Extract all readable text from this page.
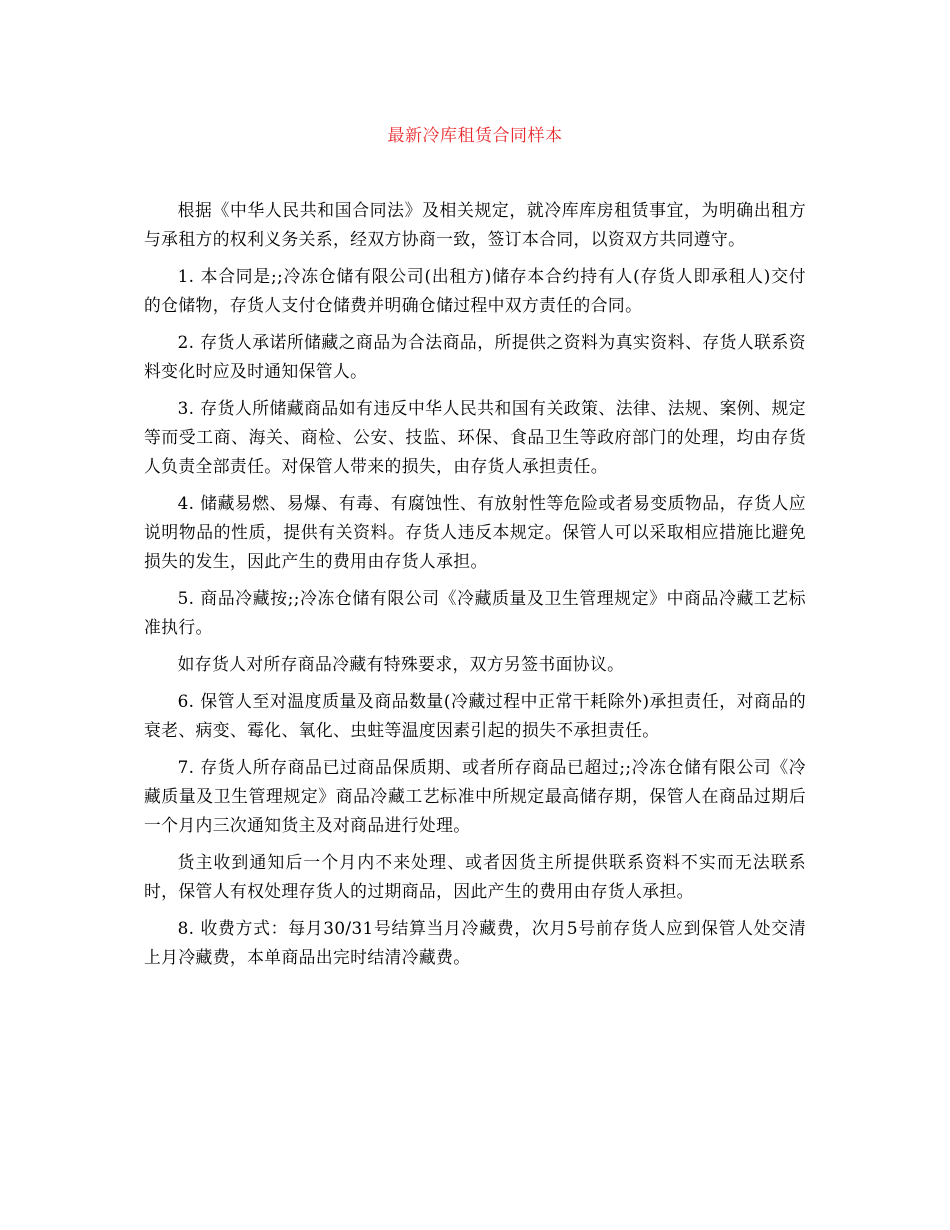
最新冷库租赁合同样本

根据《中华人民共和国合同法》及相关规定，就冷库库房租赁事宜，为明确出租方与承租方的权利义务关系，经双方协商一致，签订本合同，以资双方共同遵守。

1. 本合同是;;冷冻仓储有限公司(出租方)储存本合约持有人(存货人即承租人)交付的仓储物，存货人支付仓储费并明确仓储过程中双方责任的合同。

2. 存货人承诺所储藏之商品为合法商品，所提供之资料为真实资料、存货人联系资料变化时应及时通知保管人。

3. 存货人所储藏商品如有违反中华人民共和国有关政策、法律、法规、案例、规定等而受工商、海关、商检、公安、技监、环保、食品卫生等政府部门的处理，均由存货人负责全部责任。对保管人带来的损失，由存货人承担责任。

4. 储藏易燃、易爆、有毒、有腐蚀性、有放射性等危险或者易变质物品，存货人应说明物品的性质，提供有关资料。存货人违反本规定。保管人可以采取相应措施比避免损失的发生，因此产生的费用由存货人承担。

5. 商品冷藏按;;冷冻仓储有限公司《冷藏质量及卫生管理规定》中商品冷藏工艺标准执行。

如存货人对所存商品冷藏有特殊要求，双方另签书面协议。

6. 保管人至对温度质量及商品数量(冷藏过程中正常干耗除外)承担责任，对商品的衰老、病变、霉化、氧化、虫蛀等温度因素引起的损失不承担责任。

7. 存货人所存商品已过商品保质期、或者所存商品已超过;;冷冻仓储有限公司《冷藏质量及卫生管理规定》商品冷藏工艺标准中所规定最高储存期，保管人在商品过期后一个月内三次通知货主及对商品进行处理。

货主收到通知后一个月内不来处理、或者因货主所提供联系资料不实而无法联系时，保管人有权处理存货人的过期商品，因此产生的费用由存货人承担。

8. 收费方式：每月30/31号结算当月冷藏费，次月5号前存货人应到保管人处交清上月冷藏费，本单商品出完时结清冷藏费。
